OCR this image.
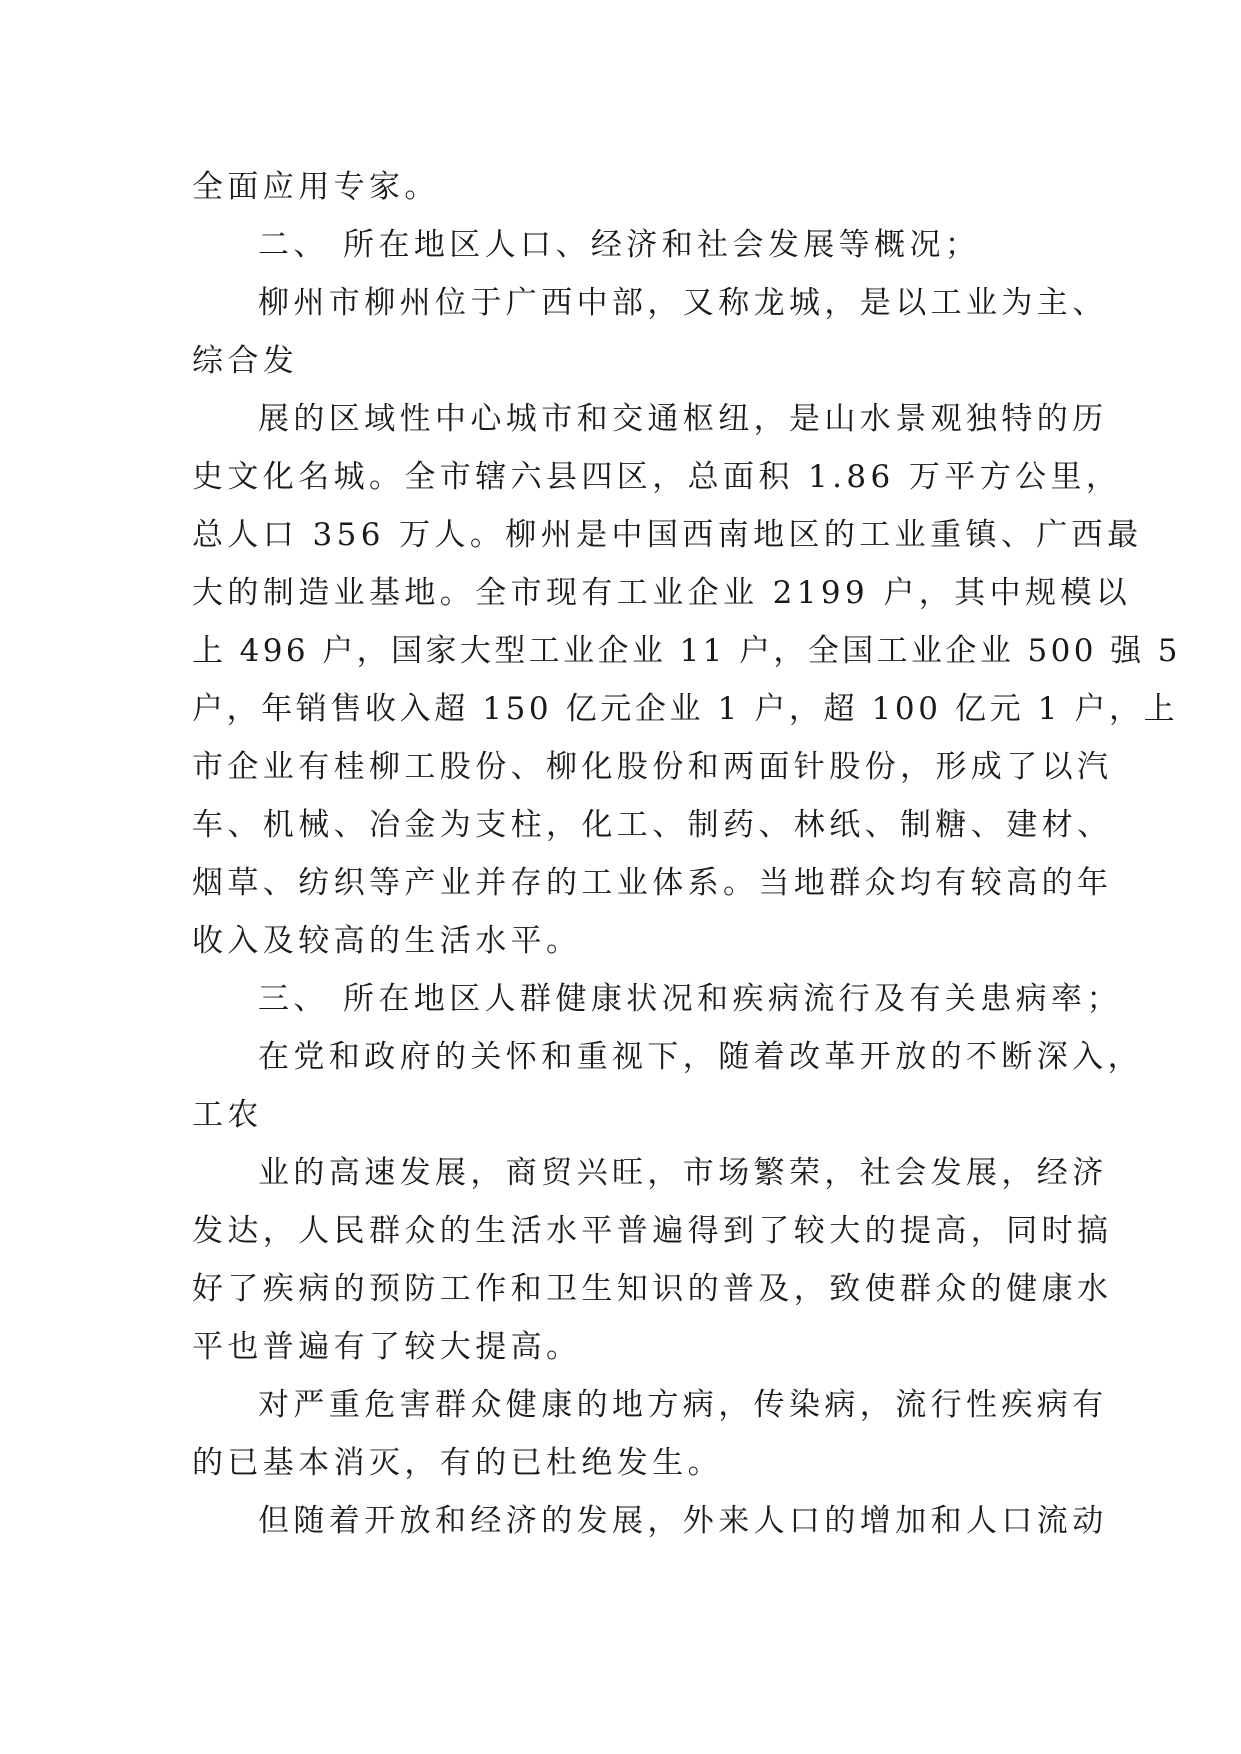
全面应用专家。

二、 所在地区人口、经济和社会发展等概况；

柳州市柳州位于广西中部，又称龙城，是以工业为主、

综合发

展的区域性中心城市和交通枢纽，是山水景观独特的历

史文化名城。全市辖六县四区，总面积 1.86 万平方公里，

总人口 356 万人。柳州是中国西南地区的工业重镇、广西最

大的制造业基地。全市现有工业企业 2199 户，其中规模以

上 496 户，国家大型工业企业 11 户，全国工业企业 500 强 5

户，年销售收入超 150 亿元企业 1 户，超 100 亿元 1 户，上

市企业有桂柳工股份、柳化股份和两面针股份，形成了以汽

车、机械、冶金为支柱，化工、制药、林纸、制糖、建材、

烟草、纺织等产业并存的工业体系。当地群众均有较高的年

收入及较高的生活水平。

三、 所在地区人群健康状况和疾病流行及有关患病率；

在党和政府的关怀和重视下，随着改革开放的不断深入，

工农

业的高速发展，商贸兴旺，市场繁荣，社会发展，经济

发达，人民群众的生活水平普遍得到了较大的提高，同时搞

好了疾病的预防工作和卫生知识的普及，致使群众的健康水

平也普遍有了较大提高。

对严重危害群众健康的地方病，传染病，流行性疾病有

的已基本消灭，有的已杜绝发生。

但随着开放和经济的发展，外来人口的增加和人口流动
